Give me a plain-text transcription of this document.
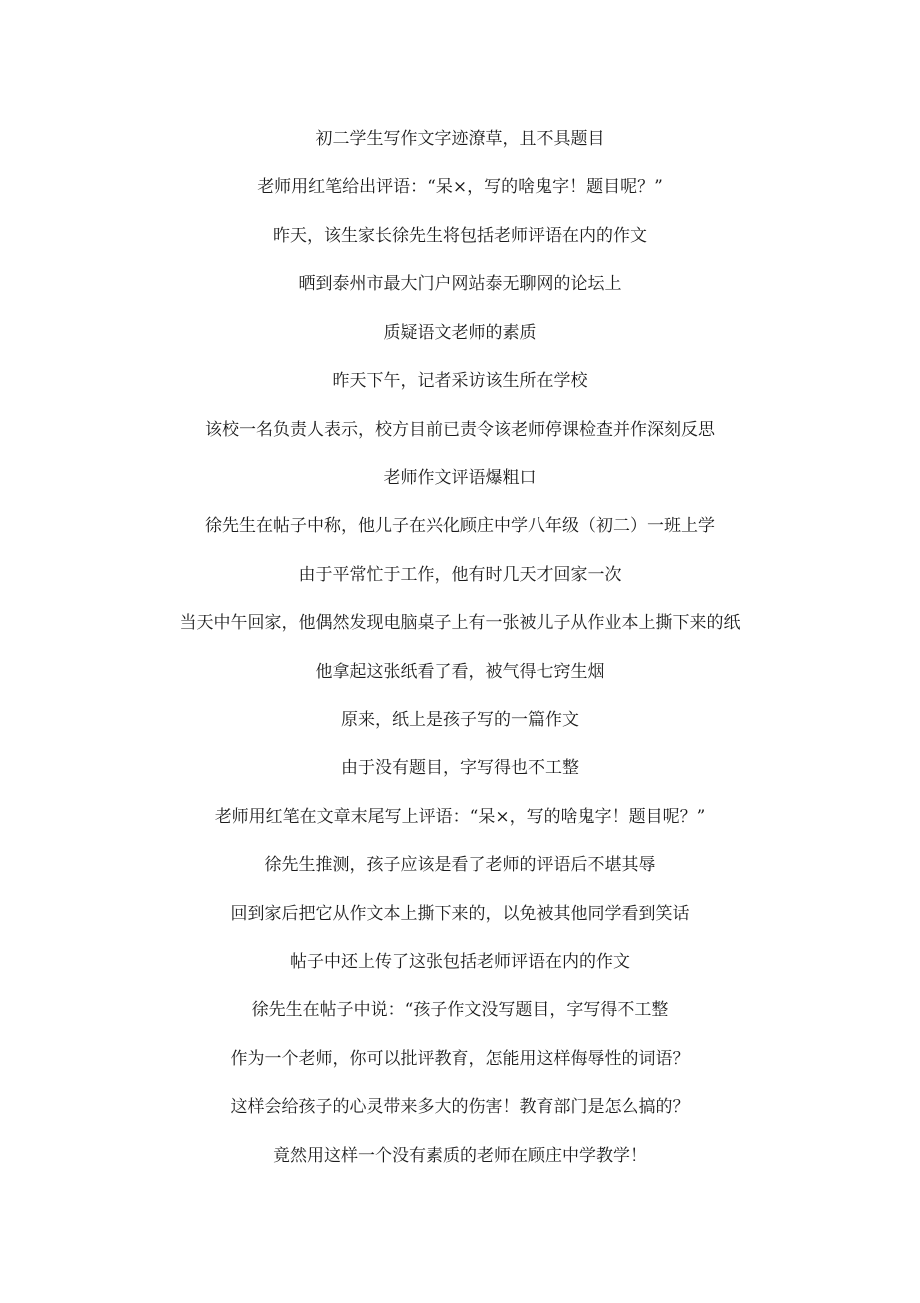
初二学生写作文字迹潦草，且不具题目
老师用红笔给出评语：“呆×，写的啥鬼字！题目呢？”
昨天，该生家长徐先生将包括老师评语在内的作文
晒到泰州市最大门户网站泰无聊网的论坛上
质疑语文老师的素质
昨天下午，记者采访该生所在学校
该校一名负责人表示，校方目前已责令该老师停课检查并作深刻反思
老师作文评语爆粗口
徐先生在帖子中称，他儿子在兴化顾庄中学八年级（初二）一班上学
由于平常忙于工作，他有时几天才回家一次
当天中午回家，他偶然发现电脑桌子上有一张被儿子从作业本上撕下来的纸
他拿起这张纸看了看，被气得七窍生烟
原来，纸上是孩子写的一篇作文
由于没有题目，字写得也不工整
老师用红笔在文章末尾写上评语：“呆×，写的啥鬼字！题目呢？”
徐先生推测，孩子应该是看了老师的评语后不堪其辱
回到家后把它从作文本上撕下来的，以免被其他同学看到笑话
帖子中还上传了这张包括老师评语在内的作文
徐先生在帖子中说：“孩子作文没写题目，字写得不工整
作为一个老师，你可以批评教育，怎能用这样侮辱性的词语？
这样会给孩子的心灵带来多大的伤害！教育部门是怎么搞的？
竟然用这样一个没有素质的老师在顾庄中学教学！
